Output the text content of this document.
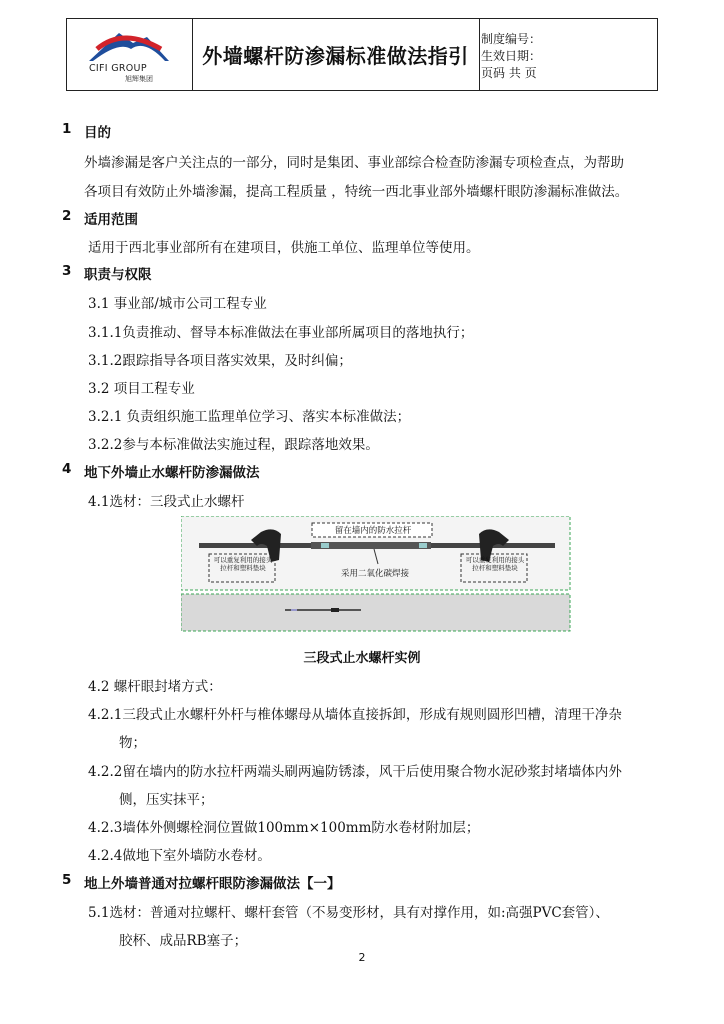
CIFI GROUP
旭辉集团
外墙螺杆防渗漏标准做法指引
制度编号：
生效日期：
页码 共 页
1 目的
外墙渗漏是客户关注点的一部分，同时是集团、事业部综合检查防渗漏专项检查点，为帮助
各项目有效防止外墙渗漏，提高工程质量 ，特统一西北事业部外墙螺杆眼防渗漏标准做法。
2 适用范围
适用于西北事业部所有在建项目，供施工单位、监理单位等使用。
3 职责与权限
3.1 事业部/城市公司工程专业
3.1.1负责推动、督导本标准做法在事业部所属项目的落地执行；
3.1.2跟踪指导各项目落实效果，及时纠偏；
3.2 项目工程专业
3.2.1 负责组织施工监理单位学习、落实本标准做法；
3.2.2参与本标准做法实施过程，跟踪落地效果。
4 地下外墙止水螺杆防渗漏做法
4.1选材：三段式止水螺杆
留在墙内的防水拉杆
可以重复利用的接头拉杆和塑料垫块
可以重复利用的接头拉杆和塑料垫块
采用二氧化碳焊接
三段式止水螺杆实例
4.2 螺杆眼封堵方式：
4.2.1三段式止水螺杆外杆与椎体螺母从墙体直接拆卸，形成有规则圆形凹槽，清理干净杂
物；
4.2.2留在墙内的防水拉杆两端头刷两遍防锈漆，风干后使用聚合物水泥砂浆封堵墙体内外
侧，压实抹平；
4.2.3墙体外侧螺栓洞位置做100mm×100mm防水卷材附加层；
4.2.4做地下室外墙防水卷材。
5 地上外墙普通对拉螺杆眼防渗漏做法【一】
5.1选材：普通对拉螺杆、螺杆套管（不易变形材，具有对撑作用，如:高强PVC套管）、
胶杯、成品RB塞子；
2
